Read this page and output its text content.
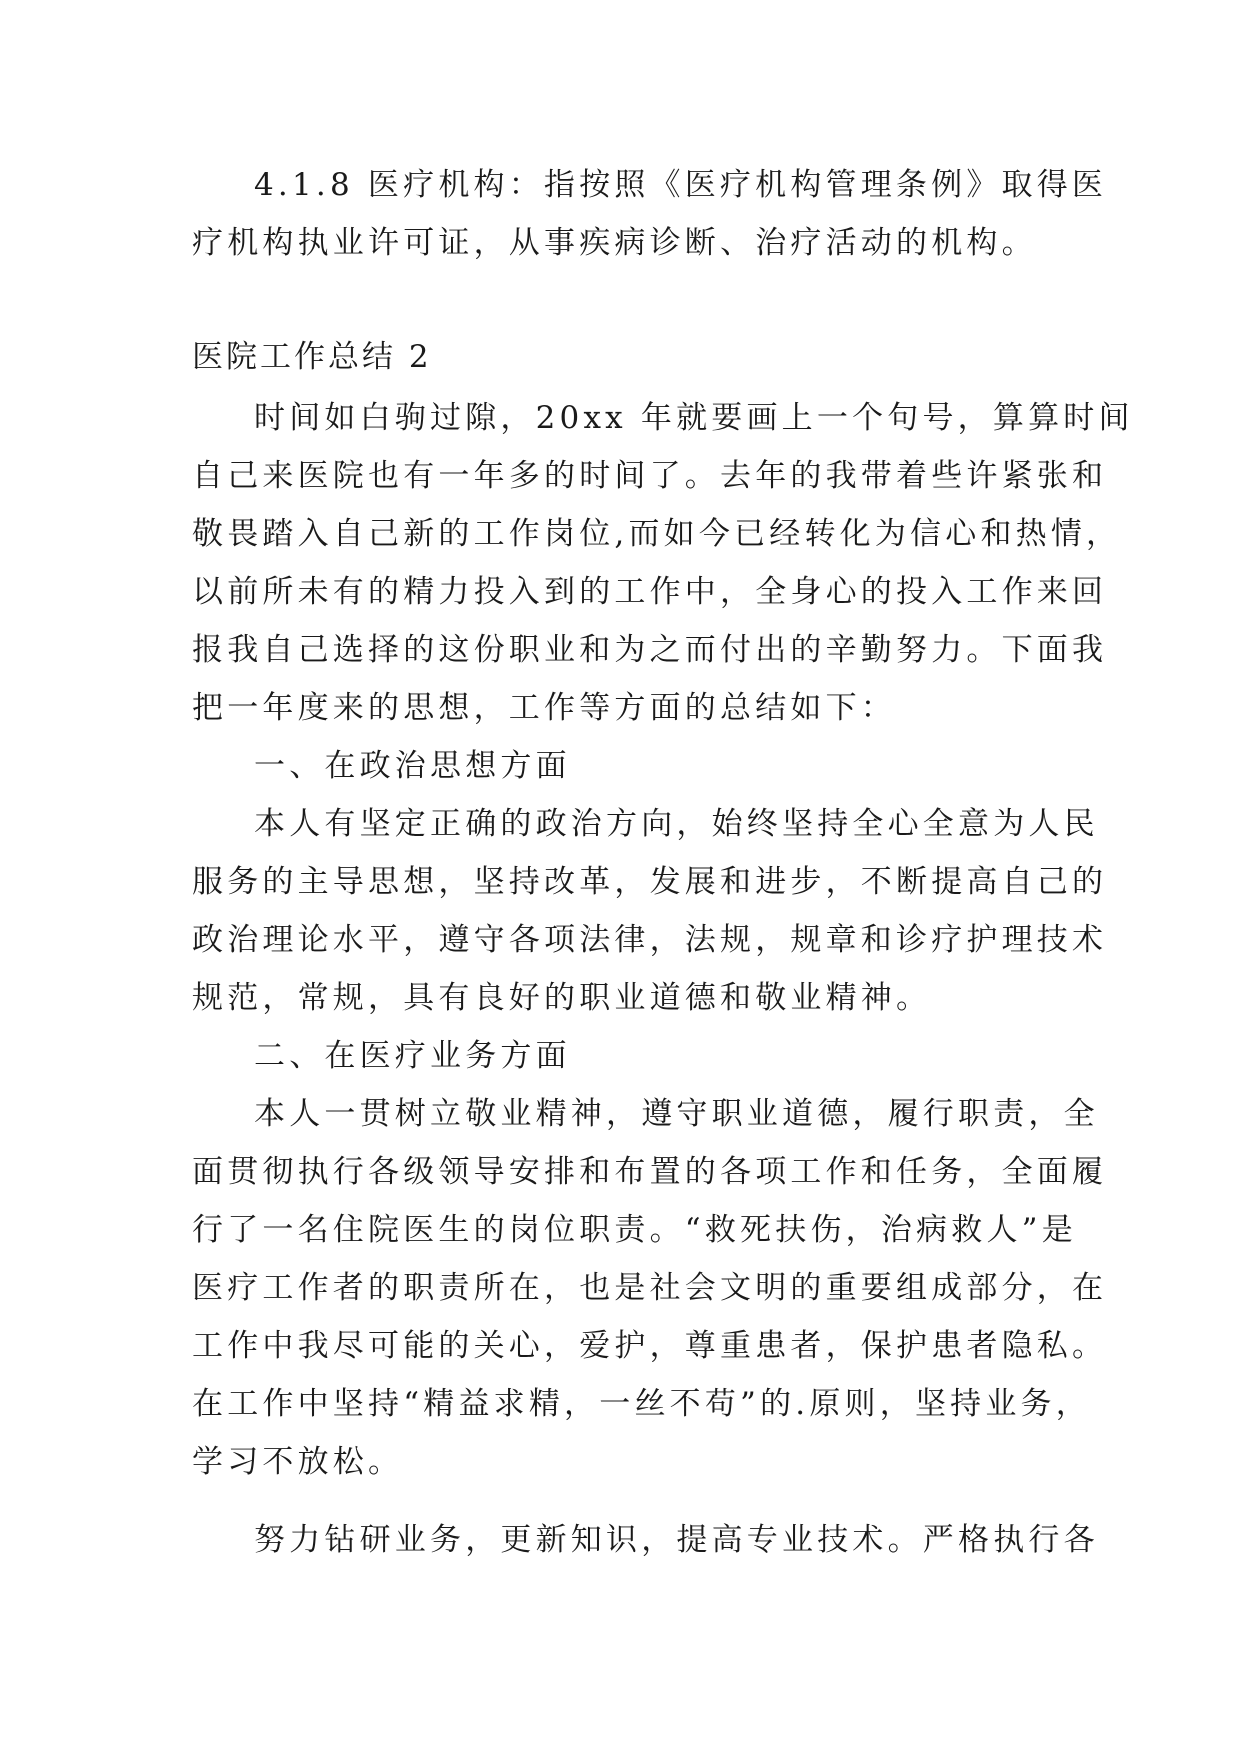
4.1.8 医疗机构：指按照《医疗机构管理条例》取得医
疗机构执业许可证，从事疾病诊断、治疗活动的机构。
医院工作总结 2
时间如白驹过隙，20xx 年就要画上一个句号，算算时间
自己来医院也有一年多的时间了。去年的我带着些许紧张和
敬畏踏入自己新的工作岗位,而如今已经转化为信心和热情，
以前所未有的精力投入到的工作中，全身心的投入工作来回
报我自己选择的这份职业和为之而付出的辛勤努力。下面我
把一年度来的思想，工作等方面的总结如下：
一、在政治思想方面
本人有坚定正确的政治方向，始终坚持全心全意为人民
服务的主导思想，坚持改革，发展和进步，不断提高自己的
政治理论水平，遵守各项法律，法规，规章和诊疗护理技术
规范，常规，具有良好的职业道德和敬业精神。
二、在医疗业务方面
本人一贯树立敬业精神，遵守职业道德，履行职责，全
面贯彻执行各级领导安排和布置的各项工作和任务，全面履
行了一名住院医生的岗位职责。“救死扶伤，治病救人”是
医疗工作者的职责所在，也是社会文明的重要组成部分，在
工作中我尽可能的关心，爱护，尊重患者，保护患者隐私。
在工作中坚持“精益求精，一丝不苟”的.原则，坚持业务，
学习不放松。
努力钻研业务，更新知识，提高专业技术。严格执行各
